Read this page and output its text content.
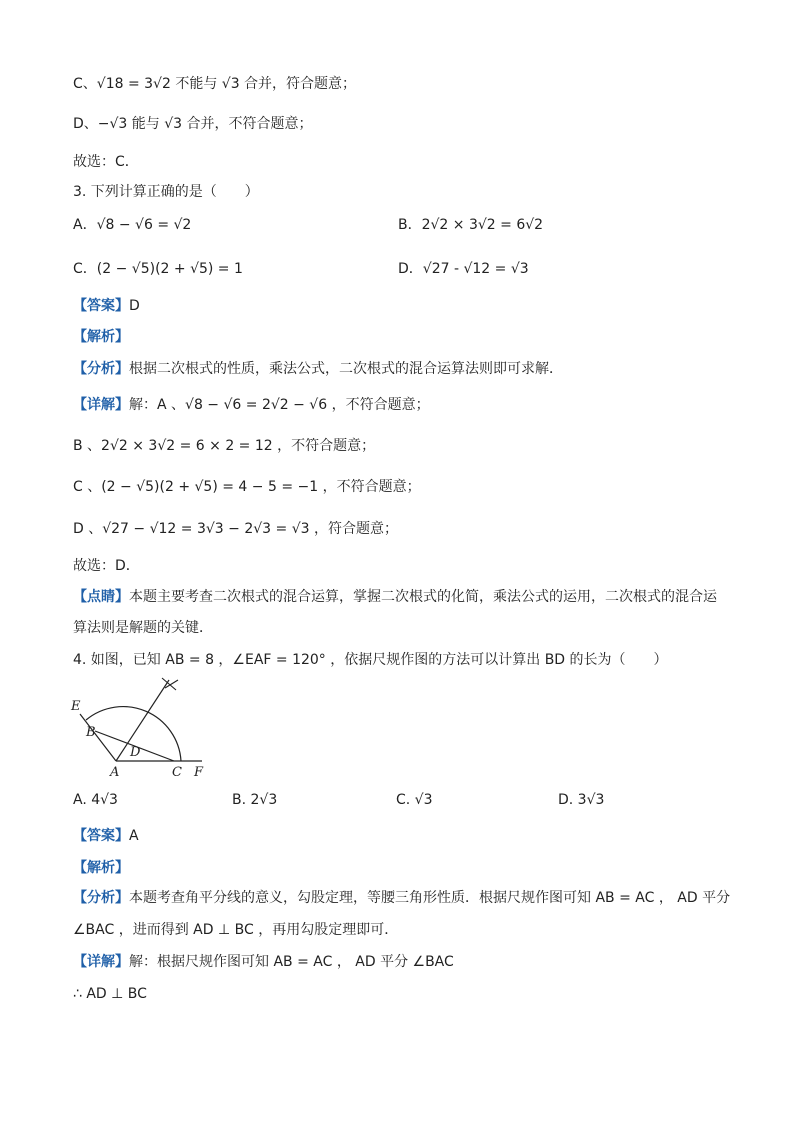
C、√18 = 3√2 不能与 √3 合并，符合题意；
D、−√3 能与 √3 合并，不符合题意；
故选：C．
3. 下列计算正确的是（　　）
A．√8 − √6 = √2	B．2√2 × 3√2 = 6√2
C．(2 − √5)(2 + √5) = 1	D．√27 - √12 = √3
【答案】D
【解析】
【分析】根据二次根式的性质，乘法公式，二次根式的混合运算法则即可求解．
【详解】解：A 、√8 − √6 = 2√2 − √6 ，不符合题意；
B 、2√2 × 3√2 = 6 × 2 = 12 ，不符合题意；
C 、(2 − √5)(2 + √5) = 4 − 5 = −1 ，不符合题意；
D 、√27 − √12 = 3√3 − 2√3 = √3 ，符合题意；
故选：D．
【点睛】本题主要考查二次根式的混合运算，掌握二次根式的化简，乘法公式的运用，二次根式的混合运
算法则是解题的关键．
4. 如图，已知 AB = 8 ，∠EAF = 120° ，依据尺规作图的方法可以计算出 BD 的长为（　　）
E
B
D
A	C F
A. 4√3	B. 2√3	C. √3	D. 3√3
【答案】A
【解析】
【分析】本题考查角平分线的意义，勾股定理，等腰三角形性质．根据尺规作图可知 AB = AC ， AD 平分
∠BAC ，进而得到 AD ⊥ BC ，再用勾股定理即可．
【详解】解：根据尺规作图可知 AB = AC ， AD 平分 ∠BAC
∴ AD ⊥ BC
